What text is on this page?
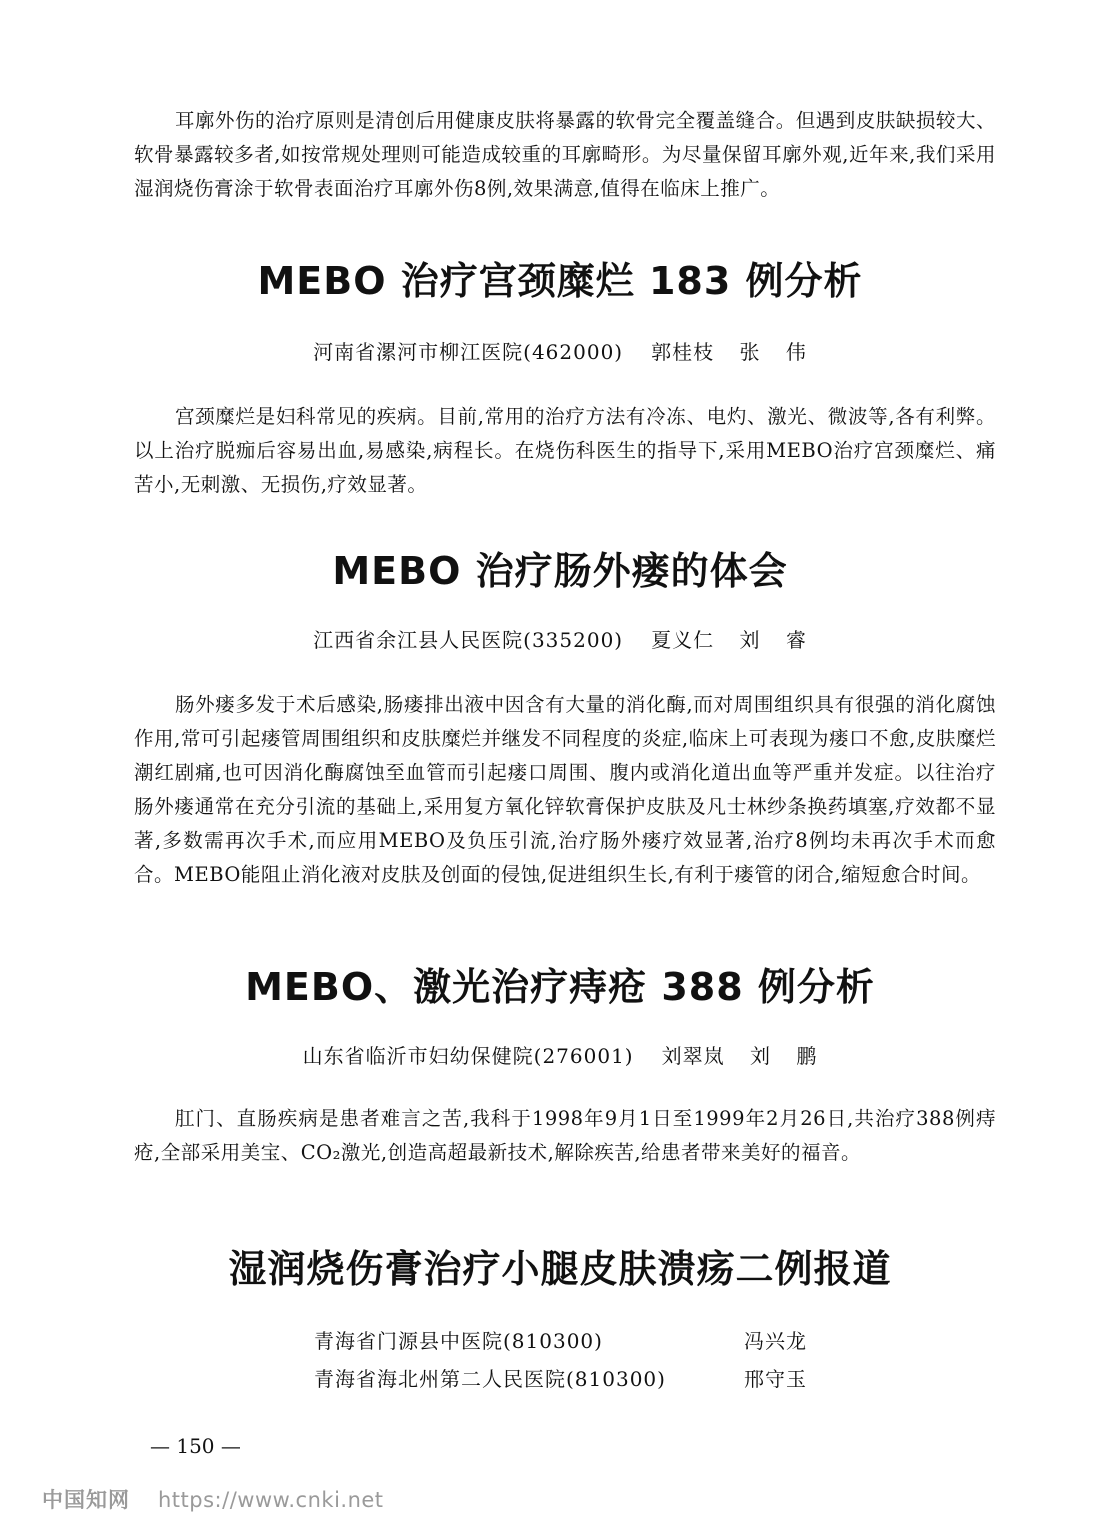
耳廓外伤的治疗原则是清创后用健康皮肤将暴露的软骨完全覆盖缝合。但遇到皮肤缺损较大、软骨暴露较多者,如按常规处理则可能造成较重的耳廓畸形。为尽量保留耳廓外观,近年来,我们采用湿润烧伤膏涂于软骨表面治疗耳廓外伤8例,效果满意,值得在临床上推广。

MEBO 治疗宫颈糜烂 183 例分析
河南省漯河市柳江医院(462000) 郭桂枝 张 伟

宫颈糜烂是妇科常见的疾病。目前,常用的治疗方法有冷冻、电灼、激光、微波等,各有利弊。以上治疗脱痂后容易出血,易感染,病程长。在烧伤科医生的指导下,采用MEBO治疗宫颈糜烂、痛苦小,无刺激、无损伤,疗效显著。

MEBO 治疗肠外瘘的体会
江西省余江县人民医院(335200) 夏义仁 刘 睿

肠外瘘多发于术后感染,肠瘘排出液中因含有大量的消化酶,而对周围组织具有很强的消化腐蚀作用,常可引起瘘管周围组织和皮肤糜烂并继发不同程度的炎症,临床上可表现为瘘口不愈,皮肤糜烂潮红剧痛,也可因消化酶腐蚀至血管而引起瘘口周围、腹内或消化道出血等严重并发症。以往治疗肠外瘘通常在充分引流的基础上,采用复方氧化锌软膏保护皮肤及凡士林纱条换药填塞,疗效都不显著,多数需再次手术,而应用MEBO及负压引流,治疗肠外瘘疗效显著,治疗8例均未再次手术而愈合。MEBO能阻止消化液对皮肤及创面的侵蚀,促进组织生长,有利于瘘管的闭合,缩短愈合时间。

MEBO、激光治疗痔疮 388 例分析
山东省临沂市妇幼保健院(276001) 刘翠岚 刘 鹏

肛门、直肠疾病是患者难言之苦,我科于1998年9月1日至1999年2月26日,共治疗388例痔疮,全部采用美宝、CO₂激光,创造高超最新技术,解除疾苦,给患者带来美好的福音。

湿润烧伤膏治疗小腿皮肤溃疡二例报道
青海省门源县中医院(810300)	冯兴龙
青海省海北州第二人民医院(810300)	邢守玉
— 150 —
中国知网 https://www.cnki.net
